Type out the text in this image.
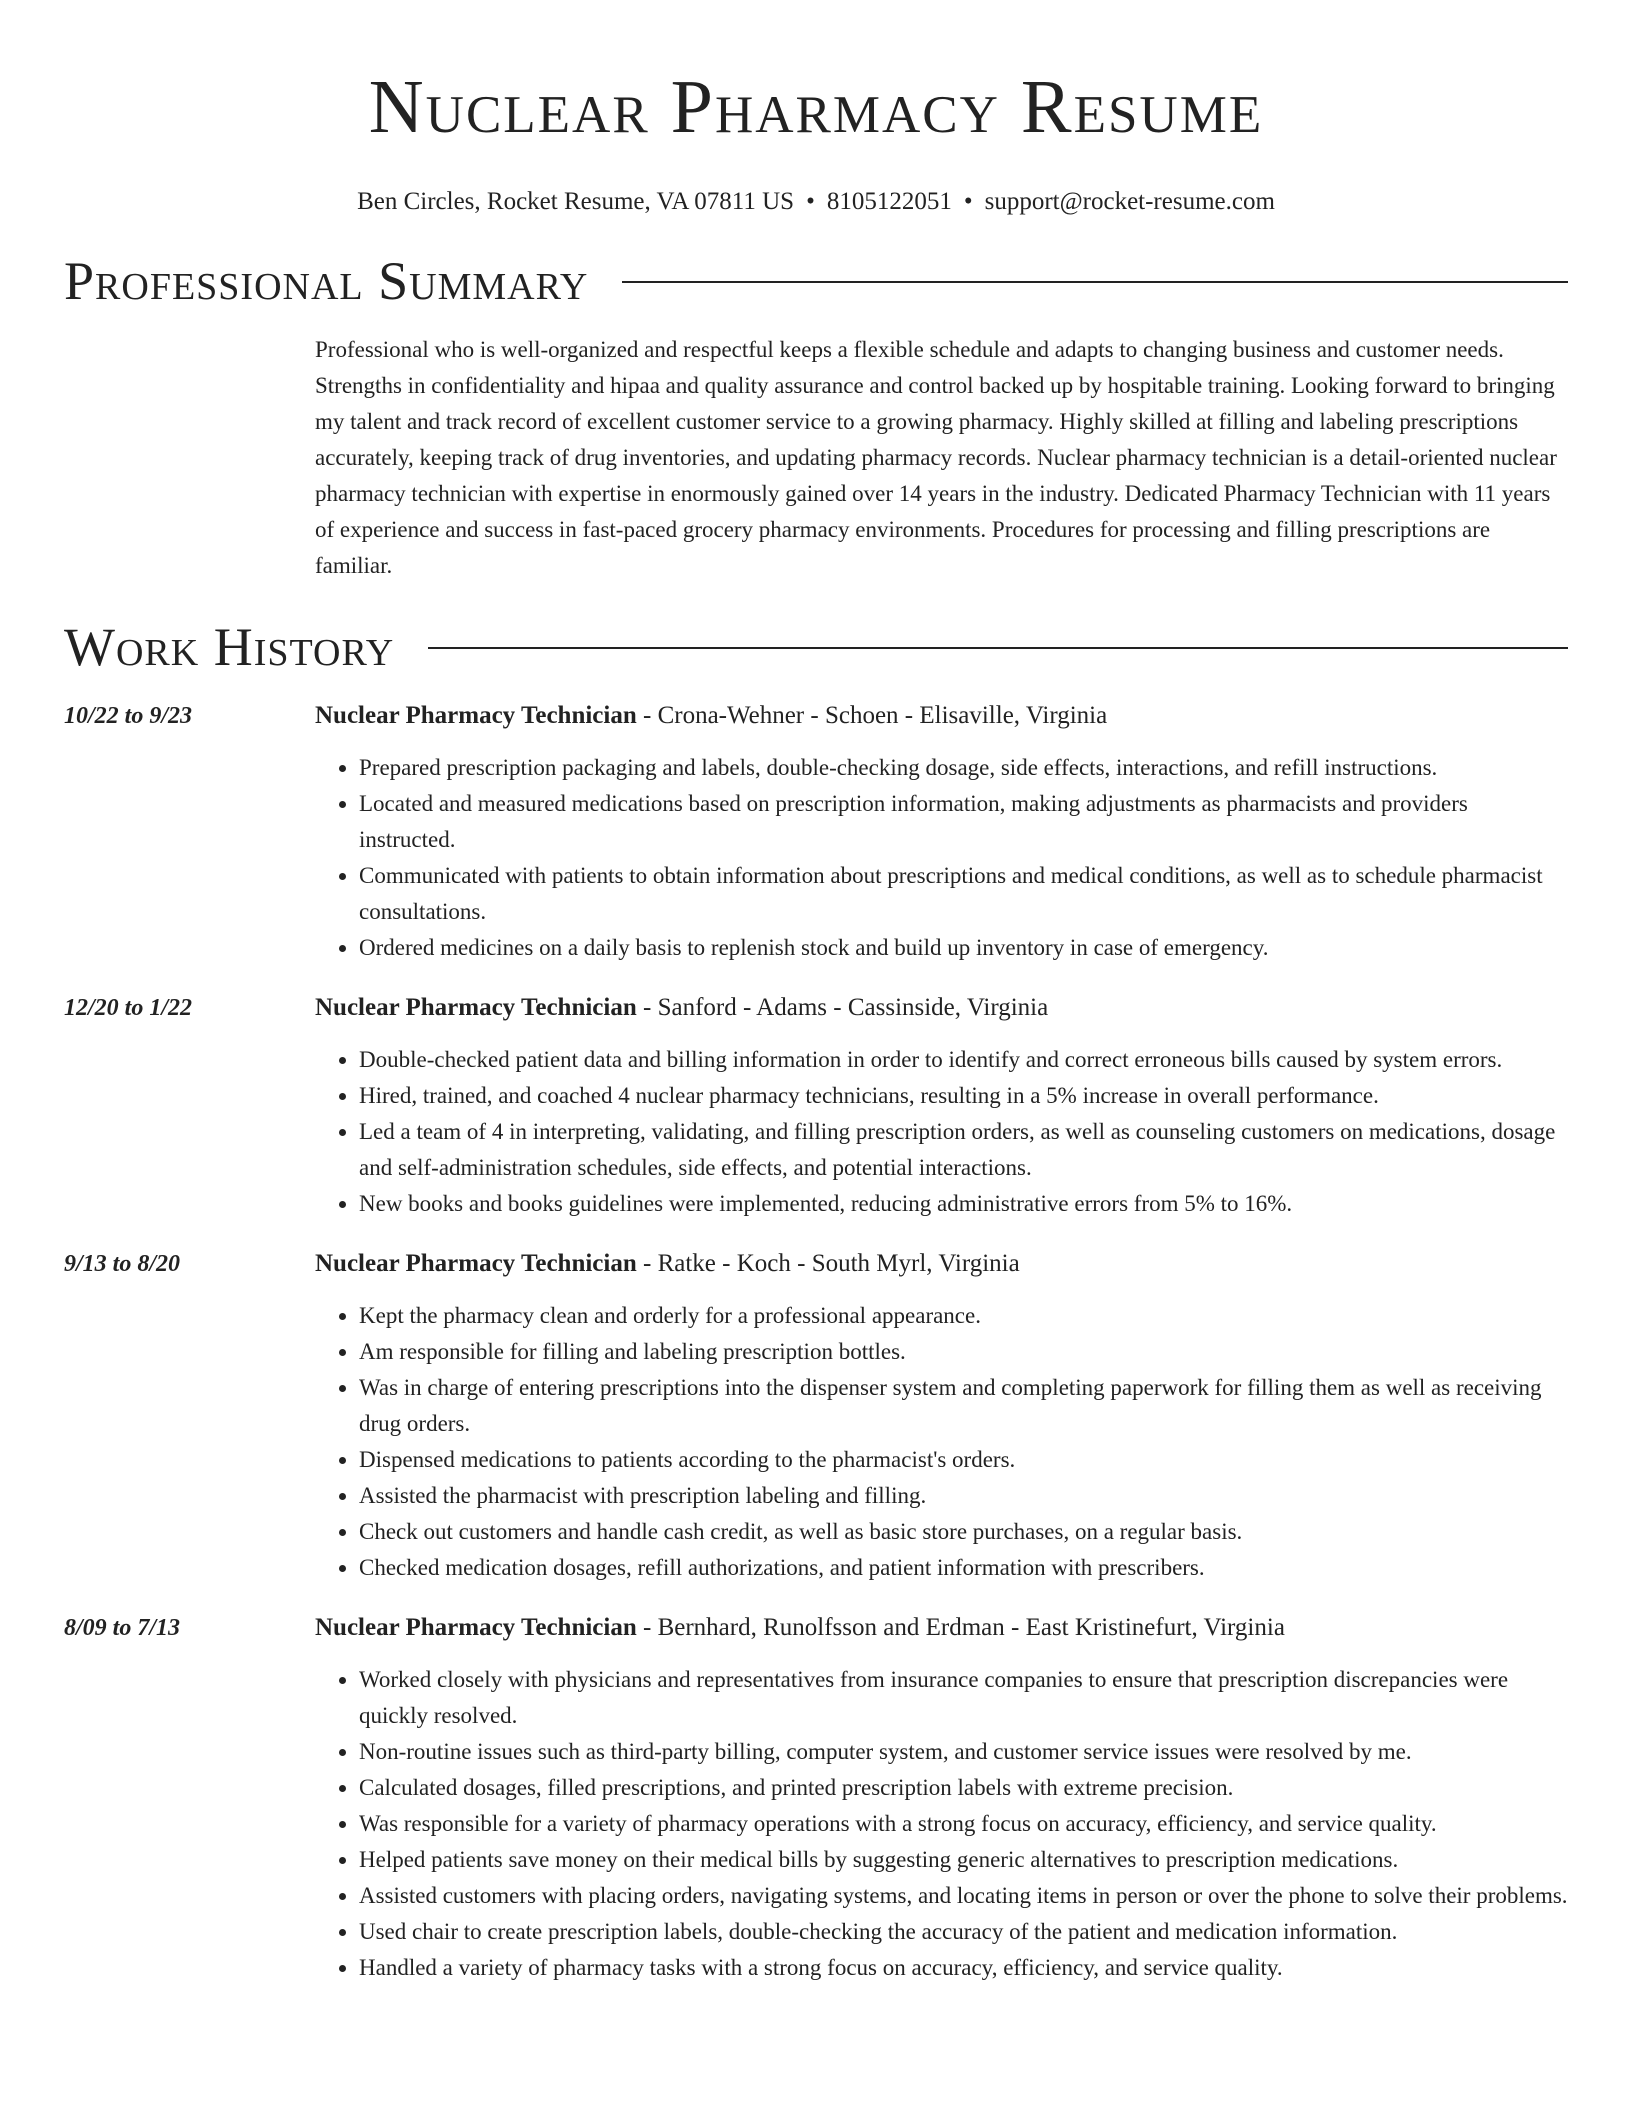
Nuclear Pharmacy Resume
Ben Circles, Rocket Resume, VA 07811 US • 8105122051 • support@rocket-resume.com
Professional Summary
Professional who is well-organized and respectful keeps a flexible schedule and adapts to changing business and customer needs. Strengths in confidentiality and hipaa and quality assurance and control backed up by hospitable training. Looking forward to bringing my talent and track record of excellent customer service to a growing pharmacy. Highly skilled at filling and labeling prescriptions accurately, keeping track of drug inventories, and updating pharmacy records. Nuclear pharmacy technician is a detail-oriented nuclear pharmacy technician with expertise in enormously gained over 14 years in the industry. Dedicated Pharmacy Technician with 11 years of experience and success in fast-paced grocery pharmacy environments. Procedures for processing and filling prescriptions are familiar.
Work History
10/22 to 9/23	Nuclear Pharmacy Technician - Crona-Wehner - Schoen - Elisaville, Virginia
• Prepared prescription packaging and labels, double-checking dosage, side effects, interactions, and refill instructions.
• Located and measured medications based on prescription information, making adjustments as pharmacists and providers instructed.
• Communicated with patients to obtain information about prescriptions and medical conditions, as well as to schedule pharmacist consultations.
• Ordered medicines on a daily basis to replenish stock and build up inventory in case of emergency.
12/20 to 1/22	Nuclear Pharmacy Technician - Sanford - Adams - Cassinside, Virginia
• Double-checked patient data and billing information in order to identify and correct erroneous bills caused by system errors.
• Hired, trained, and coached 4 nuclear pharmacy technicians, resulting in a 5% increase in overall performance.
• Led a team of 4 in interpreting, validating, and filling prescription orders, as well as counseling customers on medications, dosage and self-administration schedules, side effects, and potential interactions.
• New books and books guidelines were implemented, reducing administrative errors from 5% to 16%.
9/13 to 8/20	Nuclear Pharmacy Technician - Ratke - Koch - South Myrl, Virginia
• Kept the pharmacy clean and orderly for a professional appearance.
• Am responsible for filling and labeling prescription bottles.
• Was in charge of entering prescriptions into the dispenser system and completing paperwork for filling them as well as receiving drug orders.
• Dispensed medications to patients according to the pharmacist's orders.
• Assisted the pharmacist with prescription labeling and filling.
• Check out customers and handle cash credit, as well as basic store purchases, on a regular basis.
• Checked medication dosages, refill authorizations, and patient information with prescribers.
8/09 to 7/13	Nuclear Pharmacy Technician - Bernhard, Runolfsson and Erdman - East Kristinefurt, Virginia
• Worked closely with physicians and representatives from insurance companies to ensure that prescription discrepancies were quickly resolved.
• Non-routine issues such as third-party billing, computer system, and customer service issues were resolved by me.
• Calculated dosages, filled prescriptions, and printed prescription labels with extreme precision.
• Was responsible for a variety of pharmacy operations with a strong focus on accuracy, efficiency, and service quality.
• Helped patients save money on their medical bills by suggesting generic alternatives to prescription medications.
• Assisted customers with placing orders, navigating systems, and locating items in person or over the phone to solve their problems.
• Used chair to create prescription labels, double-checking the accuracy of the patient and medication information.
• Handled a variety of pharmacy tasks with a strong focus on accuracy, efficiency, and service quality.
